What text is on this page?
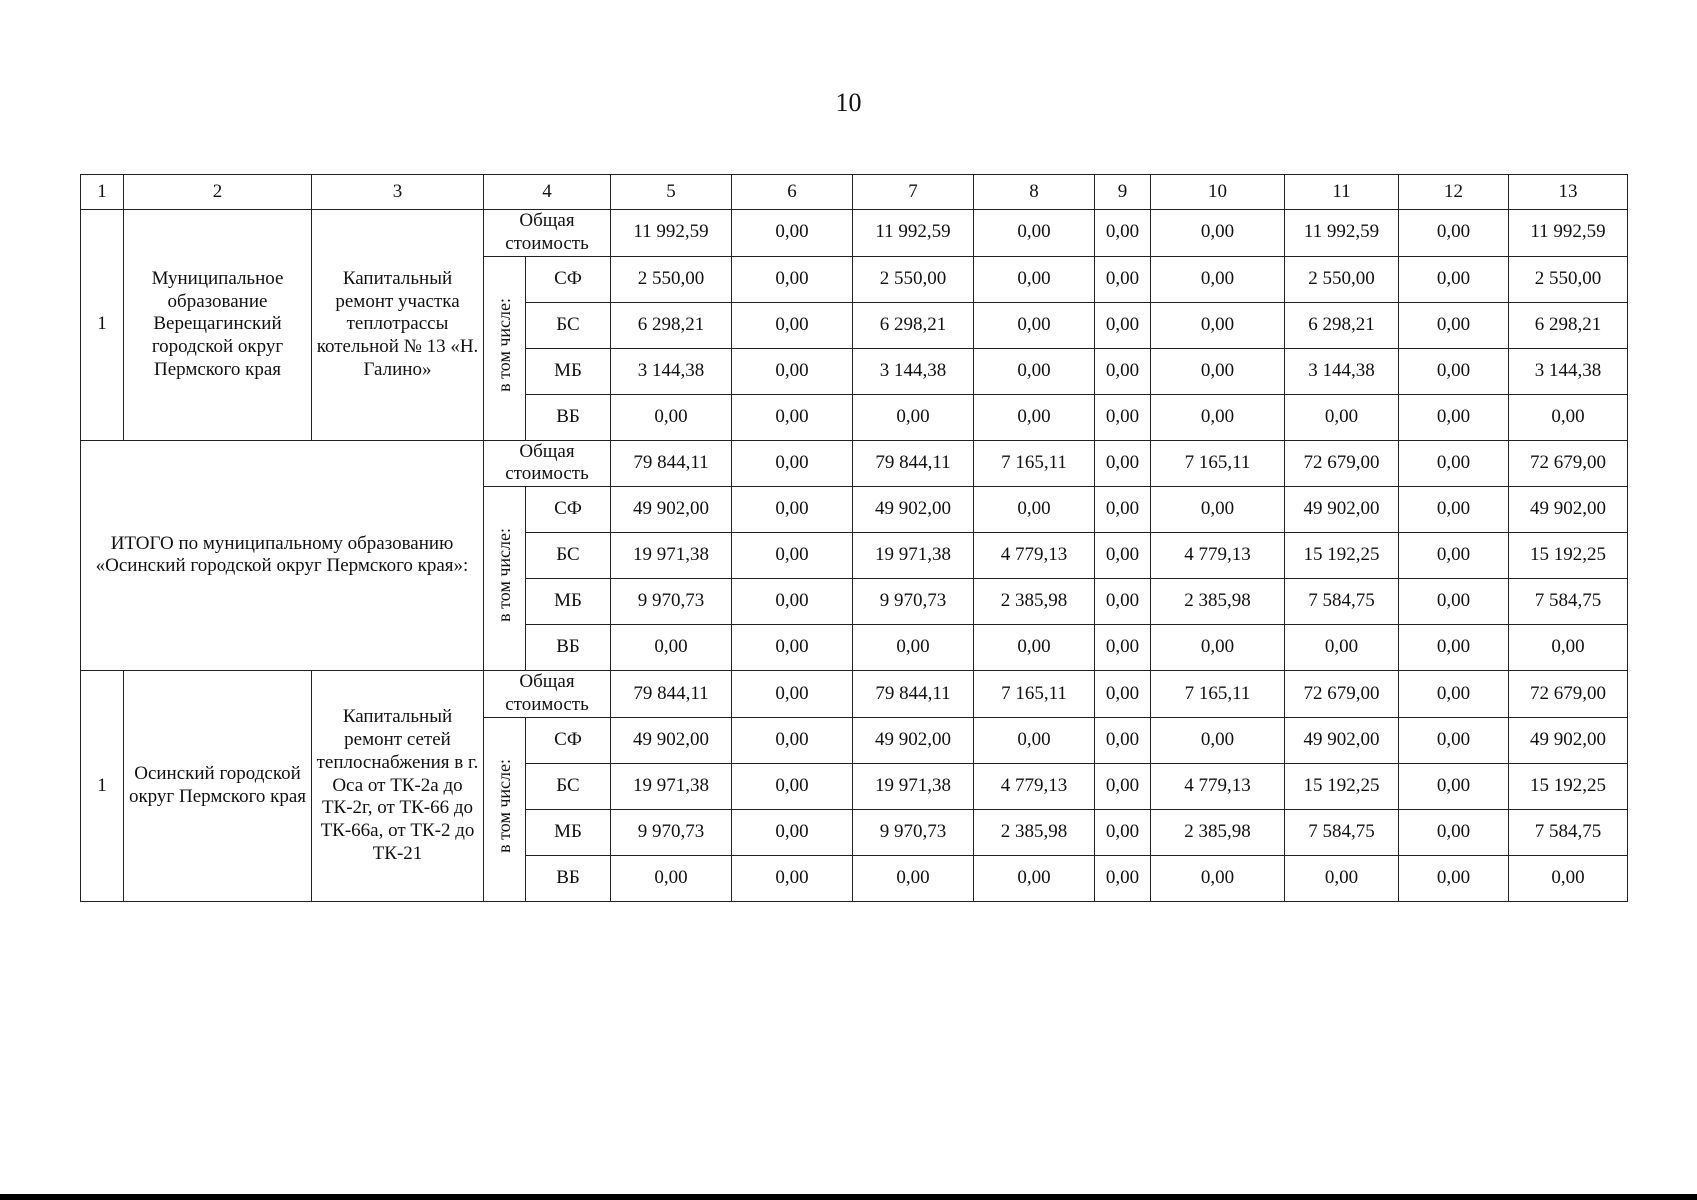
10
1	2	3	4		5	6	7	8	9	10	11	12	13
1	Муниципальное образование Верещагинский городской округ Пермского края	Капитальный ремонт участка теплотрассы котельной № 13 «Н. Галино»	Общая стоимость		11 992,59	0,00	11 992,59	0,00	0,00	0,00	11 992,59	0,00	11 992,59
			в том числе:	СФ	2 550,00	0,00	2 550,00	0,00	0,00	0,00	2 550,00	0,00	2 550,00
				БС	6 298,21	0,00	6 298,21	0,00	0,00	0,00	6 298,21	0,00	6 298,21
				МБ	3 144,38	0,00	3 144,38	0,00	0,00	0,00	3 144,38	0,00	3 144,38
				ВБ	0,00	0,00	0,00	0,00	0,00	0,00	0,00	0,00	0,00
ИТОГО по муниципальному образованию «Осинский городской округ Пермского края»:			Общая стоимость		79 844,11	0,00	79 844,11	7 165,11	0,00	7 165,11	72 679,00	0,00	72 679,00
			в том числе:	СФ	49 902,00	0,00	49 902,00	0,00	0,00	0,00	49 902,00	0,00	49 902,00
				БС	19 971,38	0,00	19 971,38	4 779,13	0,00	4 779,13	15 192,25	0,00	15 192,25
				МБ	9 970,73	0,00	9 970,73	2 385,98	0,00	2 385,98	7 584,75	0,00	7 584,75
				ВБ	0,00	0,00	0,00	0,00	0,00	0,00	0,00	0,00	0,00
1	Осинский городской округ Пермского края	Капитальный ремонт сетей теплоснабжения в г. Оса от ТК-2а до ТК-2г, от ТК-66 до ТК-66а, от ТК-2 до ТК-21	Общая стоимость		79 844,11	0,00	79 844,11	7 165,11	0,00	7 165,11	72 679,00	0,00	72 679,00
			в том числе:	СФ	49 902,00	0,00	49 902,00	0,00	0,00	0,00	49 902,00	0,00	49 902,00
				БС	19 971,38	0,00	19 971,38	4 779,13	0,00	4 779,13	15 192,25	0,00	15 192,25
				МБ	9 970,73	0,00	9 970,73	2 385,98	0,00	2 385,98	7 584,75	0,00	7 584,75
				ВБ	0,00	0,00	0,00	0,00	0,00	0,00	0,00	0,00	0,00
